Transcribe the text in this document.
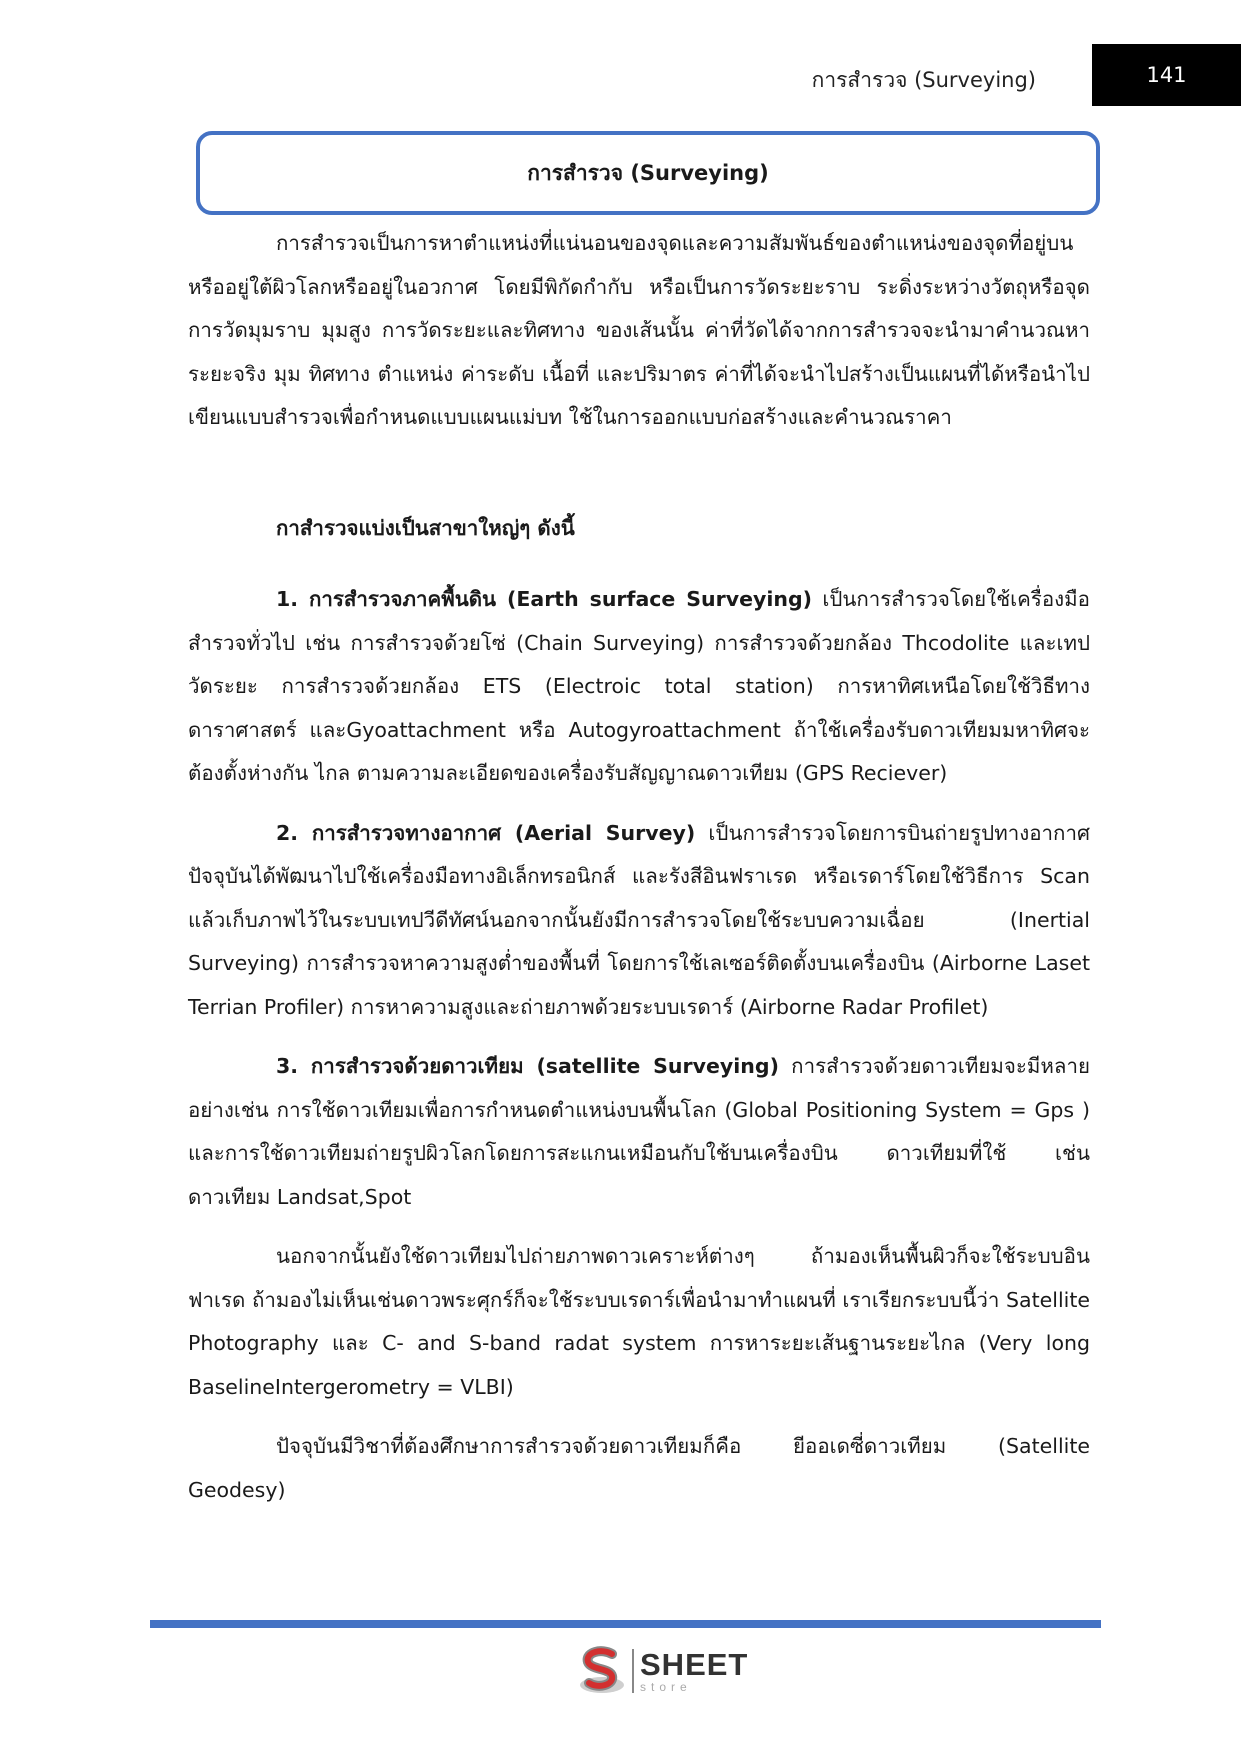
การสำรวจ (Surveying)	141
การสำรวจ (Surveying)

การสำรวจเป็นการหาตำแหน่งที่แน่นอนของจุดและความสัมพันธ์ของตำแหน่งของจุดที่อยู่บน หรืออยู่ใต้ผิวโลกหรืออยู่ในอวกาศ โดยมีพิกัดกำกับ หรือเป็นการวัดระยะราบ ระดิ่งระหว่างวัตถุหรือจุด การวัดมุมราบ มุมสูง การวัดระยะและทิศทาง ของเส้นนั้น ค่าที่วัดได้จากการสำรวจจะนำมาคำนวณหา ระยะจริง มุม ทิศทาง ตำแหน่ง ค่าระดับ เนื้อที่ และปริมาตร ค่าที่ได้จะนำไปสร้างเป็นแผนที่ได้หรือนำไป เขียนแบบสำรวจเพื่อกำหนดแบบแผนแม่บท ใช้ในการออกแบบก่อสร้างและคำนวณราคา

กาสำรวจแบ่งเป็นสาขาใหญ่ๆ ดังนี้

1. การสำรวจภาคพื้นดิน (Earth surface Surveying) เป็นการสำรวจโดยใช้เครื่องมือ สำรวจทั่วไป เช่น การสำรวจด้วยโซ่ (Chain Surveying) การสำรวจด้วยกล้อง Thcodolite และเทป วัดระยะ การสำรวจด้วยกล้อง ETS (Electroic total station) การหาทิศเหนือโดยใช้วิธีทางดาราศาสตร์ และGyoattachment หรือ Autogyroattachment ถ้าใช้เครื่องรับดาวเทียมมหาทิศจะต้องตั้งห่างกัน ไกล ตามความละเอียดของเครื่องรับสัญญาณดาวเทียม (GPS Reciever)

2. การสำรวจทางอากาศ (Aerial Survey) เป็นการสำรวจโดยการบินถ่ายรูปทางอากาศ ปัจจุบันได้พัฒนาไปใช้เครื่องมือทางอิเล็กทรอนิกส์ และรังสีอินฟราเรด หรือเรดาร์โดยใช้วิธีการ Scan แล้วเก็บภาพไว้ในระบบเทปวีดีทัศน์นอกจากนั้นยังมีการสำรวจโดยใช้ระบบความเฉื่อย (Inertial Surveying) การสำรวจหาความสูงต่ำของพื้นที่ โดยการใช้เลเซอร์ติดตั้งบนเครื่องบิน (Airborne Laset Terrian Profiler) การหาความสูงและถ่ายภาพด้วยระบบเรดาร์ (Airborne Radar Profilet)

3. การสำรวจด้วยดาวเทียม (satellite Surveying) การสำรวจด้วยดาวเทียมจะมีหลาย อย่างเช่น การใช้ดาวเทียมเพื่อการกำหนดตำแหน่งบนพื้นโลก (Global Positioning System = Gps ) และการใช้ดาวเทียมถ่ายรูปผิวโลกโดยการสะแกนเหมือนกับใช้บนเครื่องบิน ดาวเทียมที่ใช้ เช่น ดาวเทียม Landsat,Spot

นอกจากนั้นยังใช้ดาวเทียมไปถ่ายภาพดาวเคราะห์ต่างๆ ถ้ามองเห็นพื้นผิวก็จะใช้ระบบอิน ฟาเรด ถ้ามองไม่เห็นเช่นดาวพระศุกร์ก็จะใช้ระบบเรดาร์เพื่อนำมาทำแผนที่ เราเรียกระบบนี้ว่า Satellite Photography และ C- and S-band radat system การหาระยะเส้นฐานระยะไกล (Very long BaselineIntergerometry = VLBI)

ปัจจุบันมีวิชาที่ต้องศึกษาการสำรวจด้วยดาวเทียมก็คือ ยีออเดซี่ดาวเทียม (Satellite Geodesy)

SHEET
store
